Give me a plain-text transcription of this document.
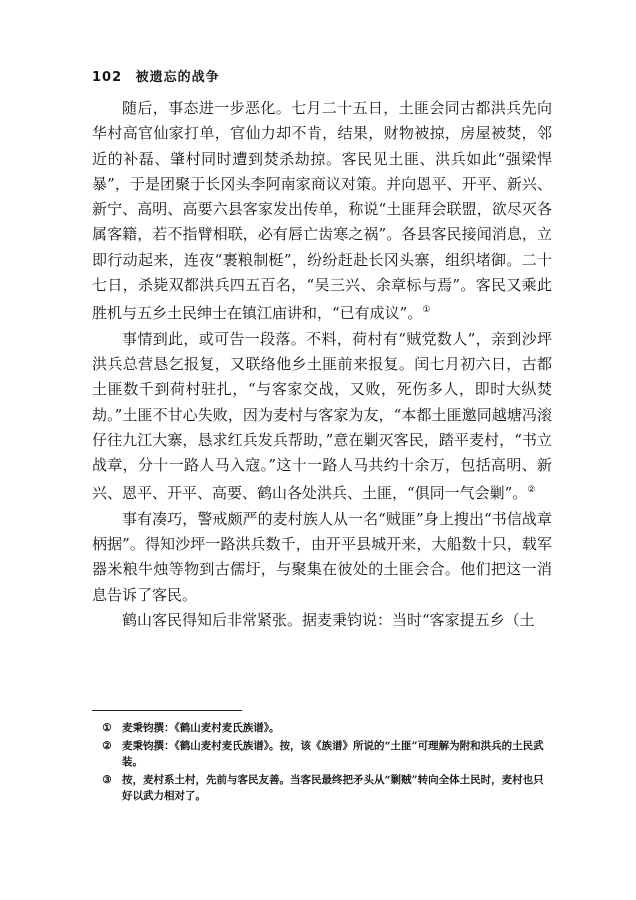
102 被遗忘的战争

随后，事态进一步恶化。七月二十五日，土匪会同古都洪兵先向华村高官仙家打单，官仙力却不肯，结果，财物被掠，房屋被焚，邻近的补磊、肇村同时遭到焚杀劫掠。客民见土匪、洪兵如此“强梁悍暴”，于是团聚于长冈头李阿南家商议对策。并向恩平、开平、新兴、新宁、高明、高要六县客家发出传单，称说“土匪拜会联盟，欲尽灭各属客籍，若不指臂相联，必有唇亡齿寒之祸”。各县客民接闻消息，立即行动起来，连夜“裹粮制梃”，纷纷赶赴长冈头寨，组织堵御。二十七日，杀毙双都洪兵四五百名，“吴三兴、余章标与焉”。客民又乘此胜机与五乡土民绅士在镇江庙讲和，“已有成议”。①

事情到此，或可告一段落。不料，荷村有“贼党数人”，亲到沙坪洪兵总营恳乞报复，又联络他乡土匪前来报复。闰七月初六日，古都土匪数千到荷村驻扎，“与客家交战，又败，死伤多人，即时大纵焚劫。”土匪不甘心失败，因为麦村与客家为友，“本都土匪邀同越塘冯滚仔往九江大寨，恳求红兵发兵帮助，”意在剿灭客民，踏平麦村，“书立战章，分十一路人马入寇。”这十一路人马共约十余万，包括高明、新兴、恩平、开平、高要、鹤山各处洪兵、土匪，“俱同一气会剿”。②

事有凑巧，警戒颇严的麦村族人从一名“贼匪”身上搜出“书信战章柄据”。得知沙坪一路洪兵数千，由开平县城开来，大船数十只，载军器米粮牛烛等物到古儒圩，与聚集在彼处的土匪会合。他们把这一消息告诉了客民。

鹤山客民得知后非常紧张。据麦秉钧说：当时“客家提五乡（土

① 麦秉钧撰：《鹤山麦村麦氏族谱》。
② 麦秉钧撰：《鹤山麦村麦氏族谱》。按，该《族谱》所说的“土匪”可理解为附和洪兵的土民武装。
③ 按，麦村系土村，先前与客民友善。当客民最终把矛头从“剿贼”转向全体土民时，麦村也只好以武力相对了。
